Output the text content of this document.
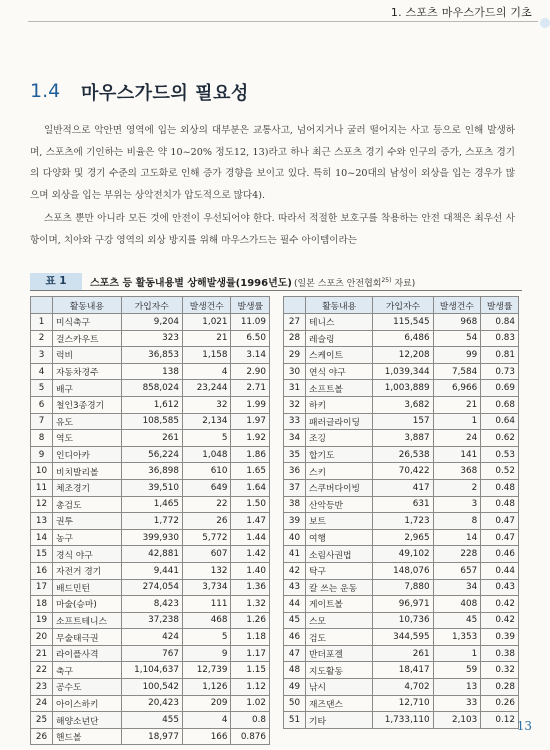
1. 스포츠 마우스가드의 기초
1.4 마우스가드의 필요성

일반적으로 악안면 영역에 입는 외상의 대부분은 교통사고, 넘어지거나 굴러 떨어지는 사고 등으로 인해 발생하며, 스포츠에 기인하는 비율은 약 10~20% 정도12, 13)라고 하나 최근 스포츠 경기 수와 인구의 증가, 스포츠 경기의 다양화 및 경기 수준의 고도화로 인해 증가 경향을 보이고 있다. 특히 10~20대의 남성이 외상을 입는 경우가 많으며 외상을 입는 부위는 상악전치가 압도적으로 많다4).

스포츠 뿐만 아니라 모든 것에 안전이 우선되어야 한다. 따라서 적절한 보호구를 착용하는 안전 대책은 최우선 사항이며, 치아와 구강 영역의 외상 방지를 위해 마우스가드는 필수 아이템이라는

표 1	스포츠 등 활동내용별 상해발생률(1996년도) (일본 스포츠 안전협회$^{25)}$ 자료)
	활동내용	가입자수	발생건수	발생률
1	미식축구	9,204	1,021	11.09
2	걸스카우트	323	21	6.50
3	럭비	36,853	1,158	3.14
4	자동차경주	138	4	2.90
5	배구	858,024	23,244	2.71
6	철인3종경기	1,612	32	1.99
7	유도	108,585	2,134	1.97
8	역도	261	5	1.92
9	인디아카	56,224	1,048	1.86
10	비치발리볼	36,898	610	1.65
11	체조경기	39,510	649	1.64
12	총검도	1,465	22	1.50
13	권투	1,772	26	1.47
14	농구	399,930	5,772	1.44
15	경식 야구	42,881	607	1.42
16	자전거 경기	9,441	132	1.40
17	배드민턴	274,054	3,734	1.36
18	마술(승마)	8,423	111	1.32
19	소프트테니스	37,238	468	1.26
20	무술태극권	424	5	1.18
21	라이플사격	767	9	1.17
22	축구	1,104,637	12,739	1.15
23	공수도	100,542	1,126	1.12
24	아이스하키	20,423	209	1.02
25	해양소년단	455	4	0.8
26	핸드볼	18,977	166	0.876
	활동내용	가입자수	발생건수	발생률
27	테니스	115,545	968	0.84
28	레슬링	6,486	54	0.83
29	스케이트	12,208	99	0.81
30	연식 야구	1,039,344	7,584	0.73
31	소프트볼	1,003,889	6,966	0.69
32	하키	3,682	21	0.68
33	패러글라이딩	157	1	0.64
34	조깅	3,887	24	0.62
35	합기도	26,538	141	0.53
36	스키	70,422	368	0.52
37	스쿠버다이빙	417	2	0.48
38	산악등반	631	3	0.48
39	보트	1,723	8	0.47
40	여행	2,965	14	0.47
41	소림사권법	49,102	228	0.46
42	탁구	148,076	657	0.44
43	칼 쓰는 운동	7,880	34	0.43
44	게이트볼	96,971	408	0.42
45	스모	10,736	45	0.42
46	검도	344,595	1,353	0.39
47	반더포겔	261	1	0.38
48	지도활동	18,417	59	0.32
49	낚시	4,702	13	0.28
50	재즈댄스	12,710	33	0.26
51	기타	1,733,110	2,103	0.12 13
